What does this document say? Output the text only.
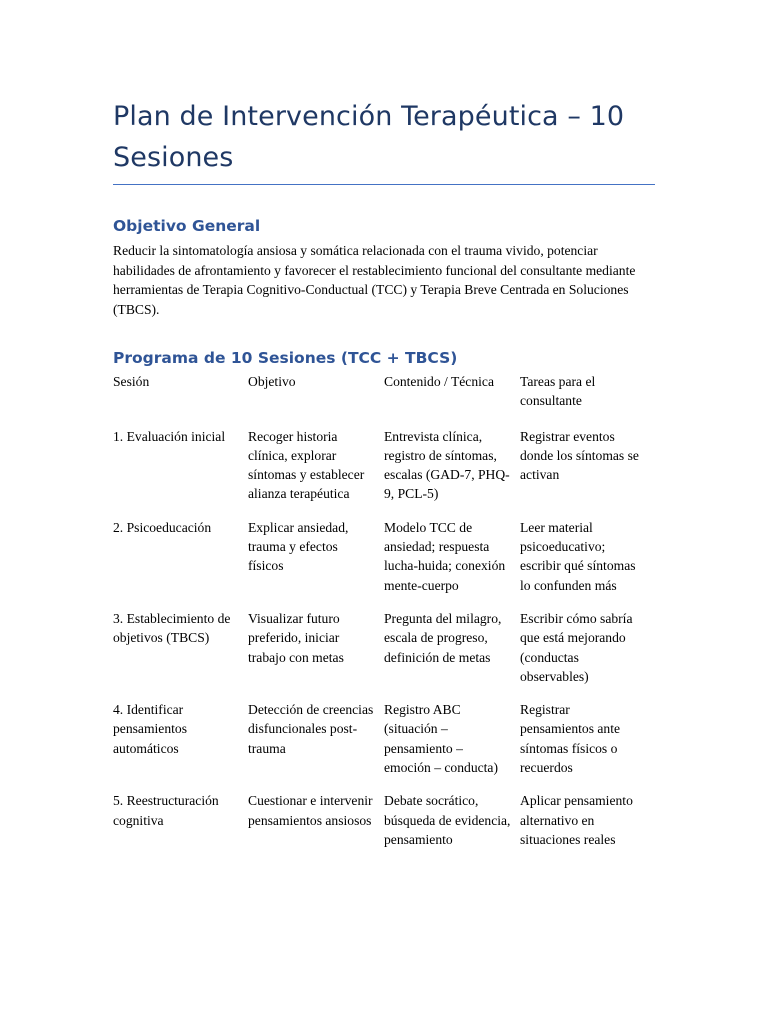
Plan de Intervención Terapéutica – 10 Sesiones
Objetivo General

Reducir la sintomatología ansiosa y somática relacionada con el trauma vivido, potenciar habilidades de afrontamiento y favorecer el restablecimiento funcional del consultante mediante herramientas de Terapia Cognitivo-Conductual (TCC) y Terapia Breve Centrada en Soluciones (TBCS).

Programa de 10 Sesiones (TCC + TBCS)
Sesión	Objetivo	Contenido / Técnica	Tareas para el consultante
1. Evaluación inicial	Recoger historia clínica, explorar síntomas y establecer alianza terapéutica	Entrevista clínica, registro de síntomas, escalas (GAD-7, PHQ-9, PCL-5)	Registrar eventos donde los síntomas se activan
2. Psicoeducación	Explicar ansiedad, trauma y efectos físicos	Modelo TCC de ansiedad; respuesta lucha-huida; conexión mente-cuerpo	Leer material psicoeducativo; escribir qué síntomas lo confunden más
3. Establecimiento de objetivos (TBCS)	Visualizar futuro preferido, iniciar trabajo con metas	Pregunta del milagro, escala de progreso, definición de metas	Escribir cómo sabría que está mejorando (conductas observables)
4. Identificar pensamientos automáticos	Detección de creencias disfuncionales post-trauma	Registro ABC (situación – pensamiento – emoción – conducta)	Registrar pensamientos ante síntomas físicos o recuerdos
5. Reestructuración cognitiva	Cuestionar e intervenir pensamientos ansiosos	Debate socrático, búsqueda de evidencia, pensamiento	Aplicar pensamiento alternativo en situaciones reales
